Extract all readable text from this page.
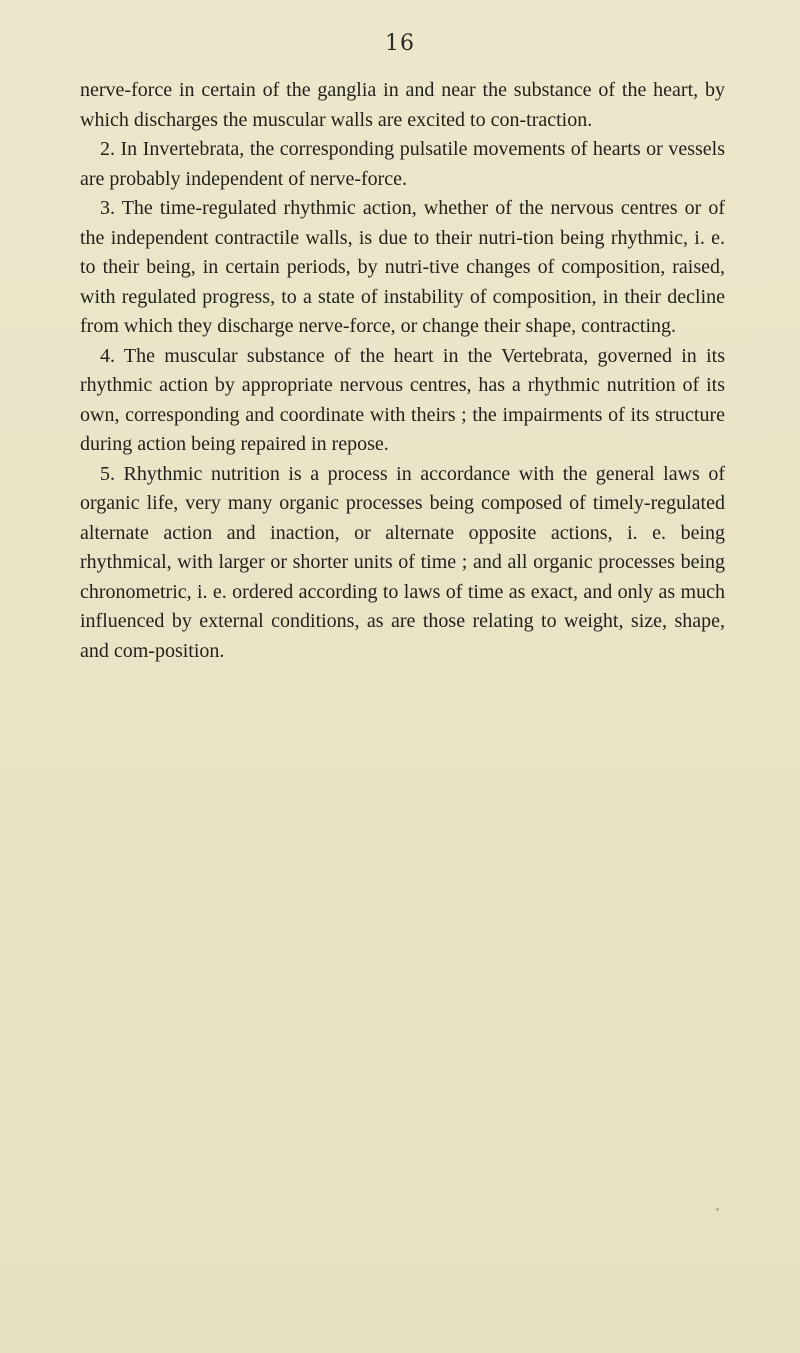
16

nerve-force in certain of the ganglia in and near the substance of the heart, by which discharges the muscular walls are excited to con-traction.

2. In Invertebrata, the corresponding pulsatile movements of hearts or vessels are probably independent of nerve-force.

3. The time-regulated rhythmic action, whether of the nervous centres or of the independent contractile walls, is due to their nutri-tion being rhythmic, i. e. to their being, in certain periods, by nutri-tive changes of composition, raised, with regulated progress, to a state of instability of composition, in their decline from which they discharge nerve-force, or change their shape, contracting.

4. The muscular substance of the heart in the Vertebrata, governed in its rhythmic action by appropriate nervous centres, has a rhythmic nutrition of its own, corresponding and coordinate with theirs ; the impairments of its structure during action being repaired in repose.

5. Rhythmic nutrition is a process in accordance with the general laws of organic life, very many organic processes being composed of timely-regulated alternate action and inaction, or alternate opposite actions, i. e. being rhythmical, with larger or shorter units of time ; and all organic processes being chronometric, i. e. ordered according to laws of time as exact, and only as much influenced by external conditions, as are those relating to weight, size, shape, and com-position.
